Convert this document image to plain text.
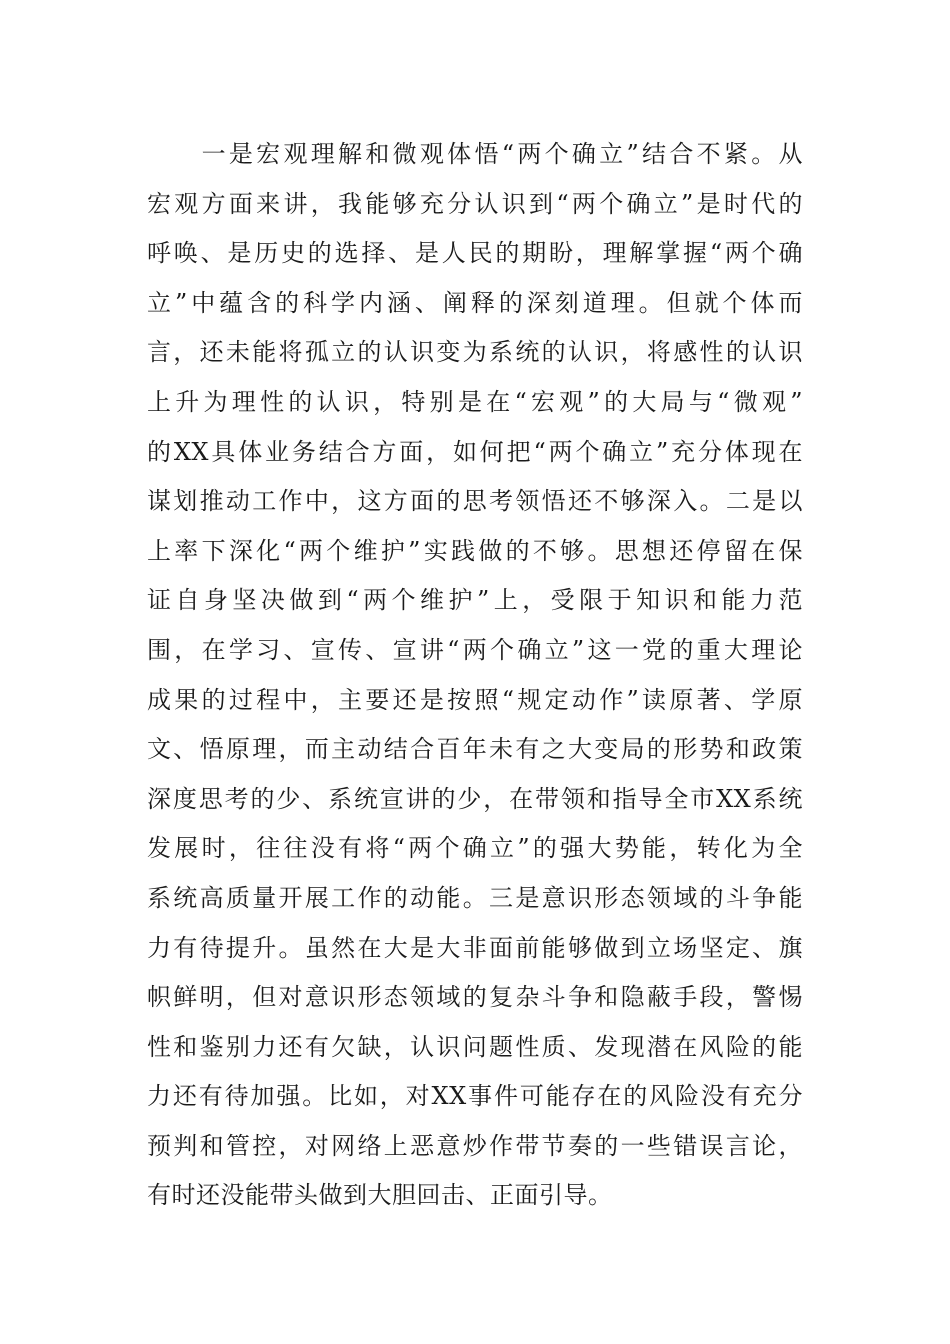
　　一是宏观理解和微观体悟“两个确立”结合不紧。从
宏观方面来讲，我能够充分认识到“两个确立”是时代的
呼唤、是历史的选择、是人民的期盼，理解掌握“两个确
立”中蕴含的科学内涵、阐释的深刻道理。但就个体而
言，还未能将孤立的认识变为系统的认识，将感性的认识
上升为理性的认识，特别是在“宏观”的大局与“微观”
的XX具体业务结合方面，如何把“两个确立”充分体现在
谋划推动工作中，这方面的思考领悟还不够深入。二是以
上率下深化“两个维护”实践做的不够。思想还停留在保
证自身坚决做到“两个维护”上，受限于知识和能力范
围，在学习、宣传、宣讲“两个确立”这一党的重大理论
成果的过程中，主要还是按照“规定动作”读原著、学原
文、悟原理，而主动结合百年未有之大变局的形势和政策
深度思考的少、系统宣讲的少，在带领和指导全市XX系统
发展时，往往没有将“两个确立”的强大势能，转化为全
系统高质量开展工作的动能。三是意识形态领域的斗争能
力有待提升。虽然在大是大非面前能够做到立场坚定、旗
帜鲜明，但对意识形态领域的复杂斗争和隐蔽手段，警惕
性和鉴别力还有欠缺，认识问题性质、发现潜在风险的能
力还有待加强。比如，对XX事件可能存在的风险没有充分
预判和管控，对网络上恶意炒作带节奏的一些错误言论，
有时还没能带头做到大胆回击、正面引导。
